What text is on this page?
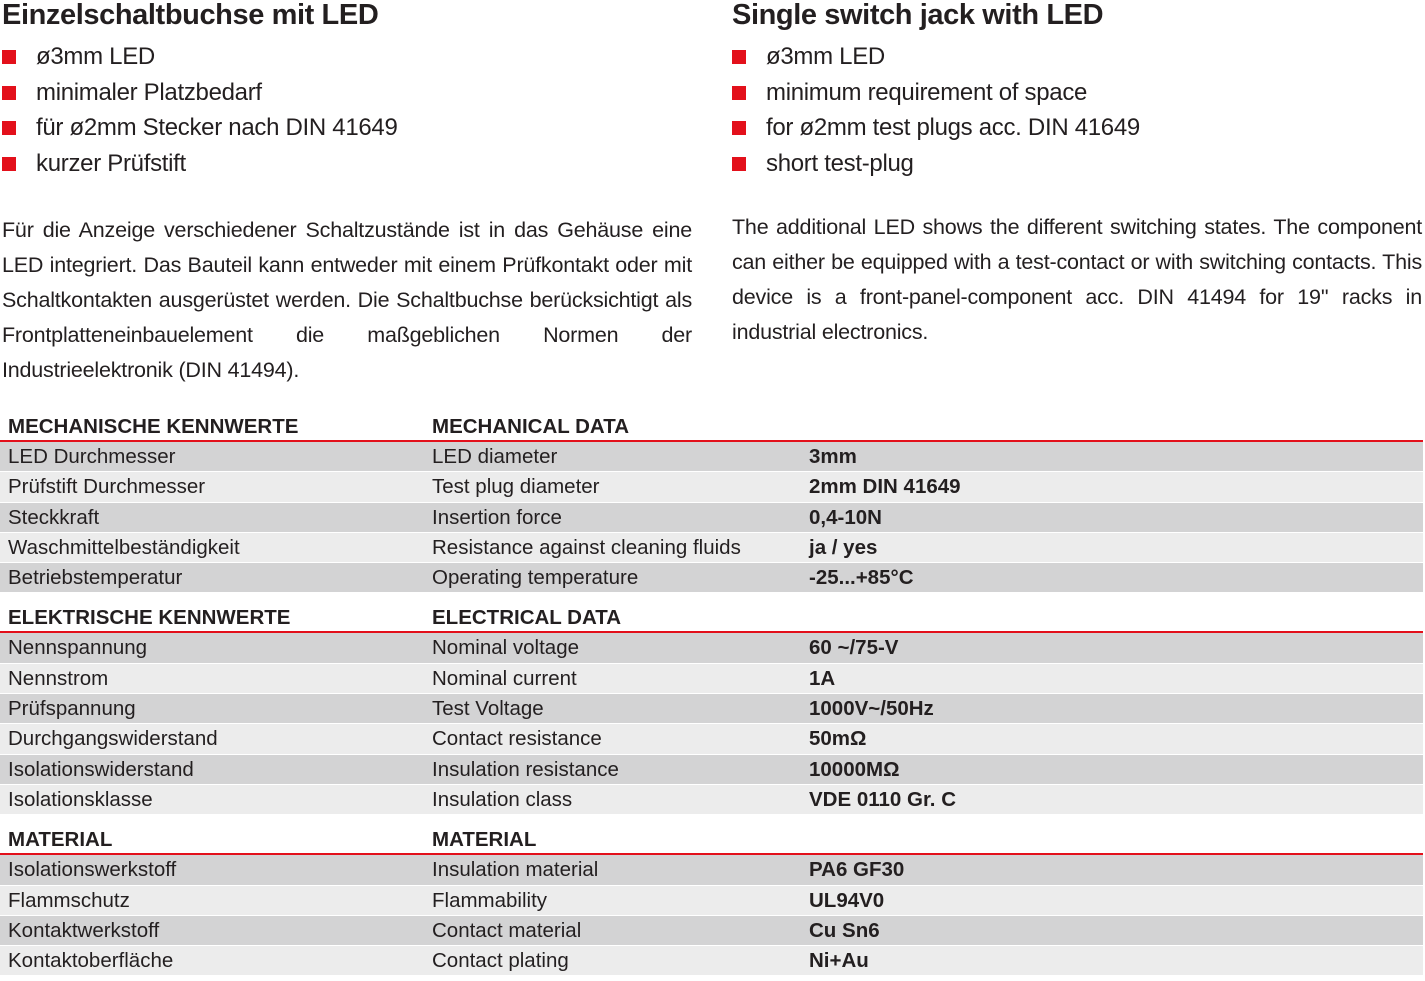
Einzelschaltbuchse mit LED
ø3mm LED
minimaler Platzbedarf
für ø2mm Stecker nach DIN 41649
kurzer Prüfstift

Für die Anzeige verschiedener Schaltzustände ist in das Gehäuse eine LED integriert. Das Bauteil kann entweder mit einem Prüfkontakt oder mit Schaltkontakten ausgerüstet werden. Die Schaltbuchse berücksichtigt als Frontplatteneinbauelement die maßgeblichen Normen der Industrieelektronik (DIN 41494).

Single switch jack with LED
ø3mm LED
minimum requirement of space
for ø2mm test plugs acc. DIN 41649
short test-plug

The additional LED shows the different switching states. The component can either be equipped with a test-contact or with switching contacts. This device is a front-panel-component acc. DIN 41494 for 19'' racks in industrial electronics.

MECHANISCHE KENNWERTE	MECHANICAL DATA
LED Durchmesser	LED diameter	3mm
Prüfstift Durchmesser	Test plug diameter	2mm DIN 41649
Steckkraft	Insertion force	0,4-10N
Waschmittelbeständigkeit	Resistance against cleaning fluids	ja / yes
Betriebstemperatur	Operating temperature	-25...+85°C
ELEKTRISCHE KENNWERTE	ELECTRICAL DATA
Nennspannung	Nominal voltage	60 ~/75-V
Nennstrom	Nominal current	1A
Prüfspannung	Test Voltage	1000V~/50Hz
Durchgangswiderstand	Contact resistance	50mΩ
Isolationswiderstand	Insulation resistance	10000MΩ
Isolationsklasse	Insulation class	VDE 0110 Gr. C
MATERIAL	MATERIAL
Isolationswerkstoff	Insulation material	PA6 GF30
Flammschutz	Flammability	UL94V0
Kontaktwerkstoff	Contact material	Cu Sn6
Kontaktoberfläche	Contact plating	Ni+Au
